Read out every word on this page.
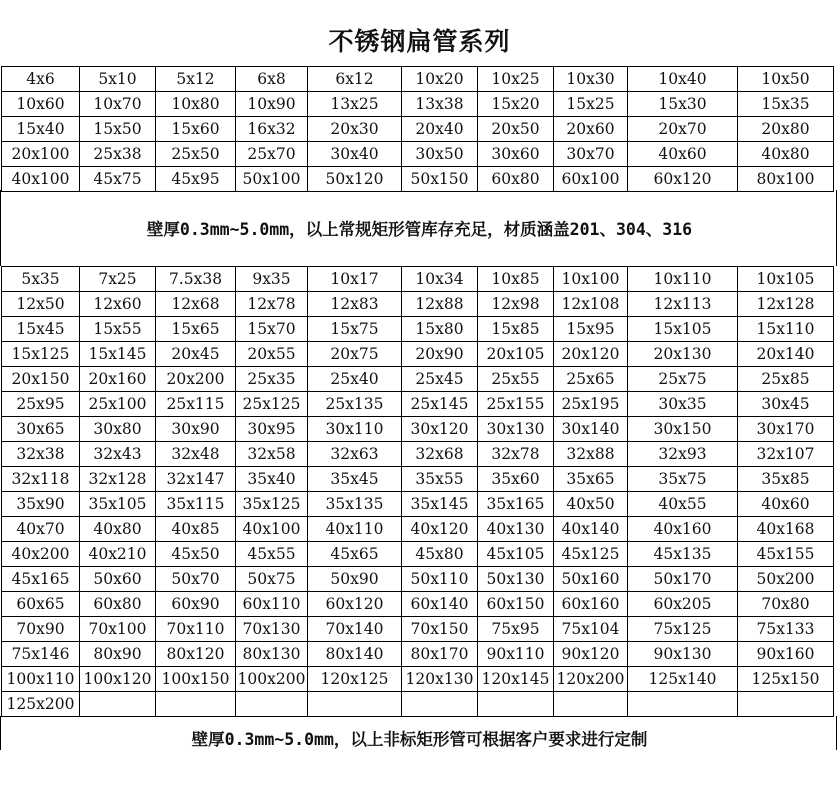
不锈钢扁管系列
4x6	5x10	5x12	6x8	6x12	10x20	10x25	10x30	10x40	10x50
10x60	10x70	10x80	10x90	13x25	13x38	15x20	15x25	15x30	15x35
15x40	15x50	15x60	16x32	20x30	20x40	20x50	20x60	20x70	20x80
20x100	25x38	25x50	25x70	30x40	30x50	30x60	30x70	40x60	40x80
40x100	45x75	45x95	50x100	50x120	50x150	60x80	60x100	60x120	80x100
壁厚0.3mm~5.0mm，以上常规矩形管库存充足，材质涵盖201、304、316
5x35	7x25	7.5x38	9x35	10x17	10x34	10x85	10x100	10x110	10x105
12x50	12x60	12x68	12x78	12x83	12x88	12x98	12x108	12x113	12x128
15x45	15x55	15x65	15x70	15x75	15x80	15x85	15x95	15x105	15x110
15x125	15x145	20x45	20x55	20x75	20x90	20x105	20x120	20x130	20x140
20x150	20x160	20x200	25x35	25x40	25x45	25x55	25x65	25x75	25x85
25x95	25x100	25x115	25x125	25x135	25x145	25x155	25x195	30x35	30x45
30x65	30x80	30x90	30x95	30x110	30x120	30x130	30x140	30x150	30x170
32x38	32x43	32x48	32x58	32x63	32x68	32x78	32x88	32x93	32x107
32x118	32x128	32x147	35x40	35x45	35x55	35x60	35x65	35x75	35x85
35x90	35x105	35x115	35x125	35x135	35x145	35x165	40x50	40x55	40x60
40x70	40x80	40x85	40x100	40x110	40x120	40x130	40x140	40x160	40x168
40x200	40x210	45x50	45x55	45x65	45x80	45x105	45x125	45x135	45x155
45x165	50x60	50x70	50x75	50x90	50x110	50x130	50x160	50x170	50x200
60x65	60x80	60x90	60x110	60x120	60x140	60x150	60x160	60x205	70x80
70x90	70x100	70x110	70x130	70x140	70x150	75x95	75x104	75x125	75x133
75x146	80x90	80x120	80x130	80x140	80x170	90x110	90x120	90x130	90x160
100x110	100x120	100x150	100x200	120x125	120x130	120x145	120x200	125x140	125x150
125x200									
壁厚0.3mm~5.0mm，以上非标矩形管可根据客户要求进行定制
